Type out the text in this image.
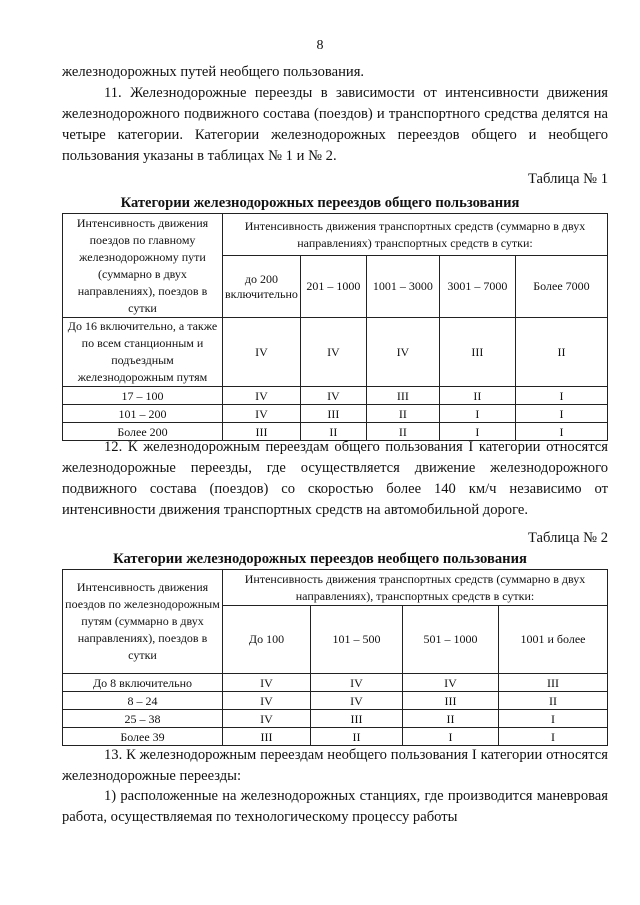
8

железнодорожных путей необщего пользования.

11. Железнодорожные переезды в зависимости от интенсивности движения железнодорожного подвижного состава (поездов) и транспортного средства делятся на четыре категории. Категории железнодорожных переездов общего и необщего пользования указаны в таблицах № 1 и № 2.

Таблица № 1
Категории железнодорожных переездов общего пользования
Интенсивность движения поездов по главному железнодорожному пути (суммарно в двух направлениях), поездов в сутки	Интенсивность движения транспортных средств (суммарно в двух направлениях) транспортных средств в сутки:				
	до 200 включительно	201 – 1000	1001 – 3000	3001 – 7000	Более 7000
До 16 включительно, а также по всем станционным и подъездным железнодорожным путям	IV	IV	IV	III	II
17 – 100	IV	IV	III	II	I
101 – 200	IV	III	II	I	I
Более 200	III	II	II	I	I

12. К железнодорожным переездам общего пользования I категории относятся железнодорожные переезды, где осуществляется движение железнодорожного подвижного состава (поездов) со скоростью более 140 км/ч независимо от интенсивности движения транспортных средств на автомобильной дороге.

Таблица № 2
Категории железнодорожных переездов необщего пользования
Интенсивность движения поездов по железнодорожным путям (суммарно в двух направлениях), поездов в сутки	Интенсивность движения транспортных средств (суммарно в двух направлениях), транспортных средств в сутки:			
	До 100	101 – 500	501 – 1000	1001 и более
До 8 включительно	IV	IV	IV	III
8 – 24	IV	IV	III	II
25 – 38	IV	III	II	I
Более 39	III	II	I	I

13. К железнодорожным переездам необщего пользования I категории относятся железнодорожные переезды:

1) расположенные на железнодорожных станциях, где производится маневровая работа, осуществляемая по технологическому процессу работы
